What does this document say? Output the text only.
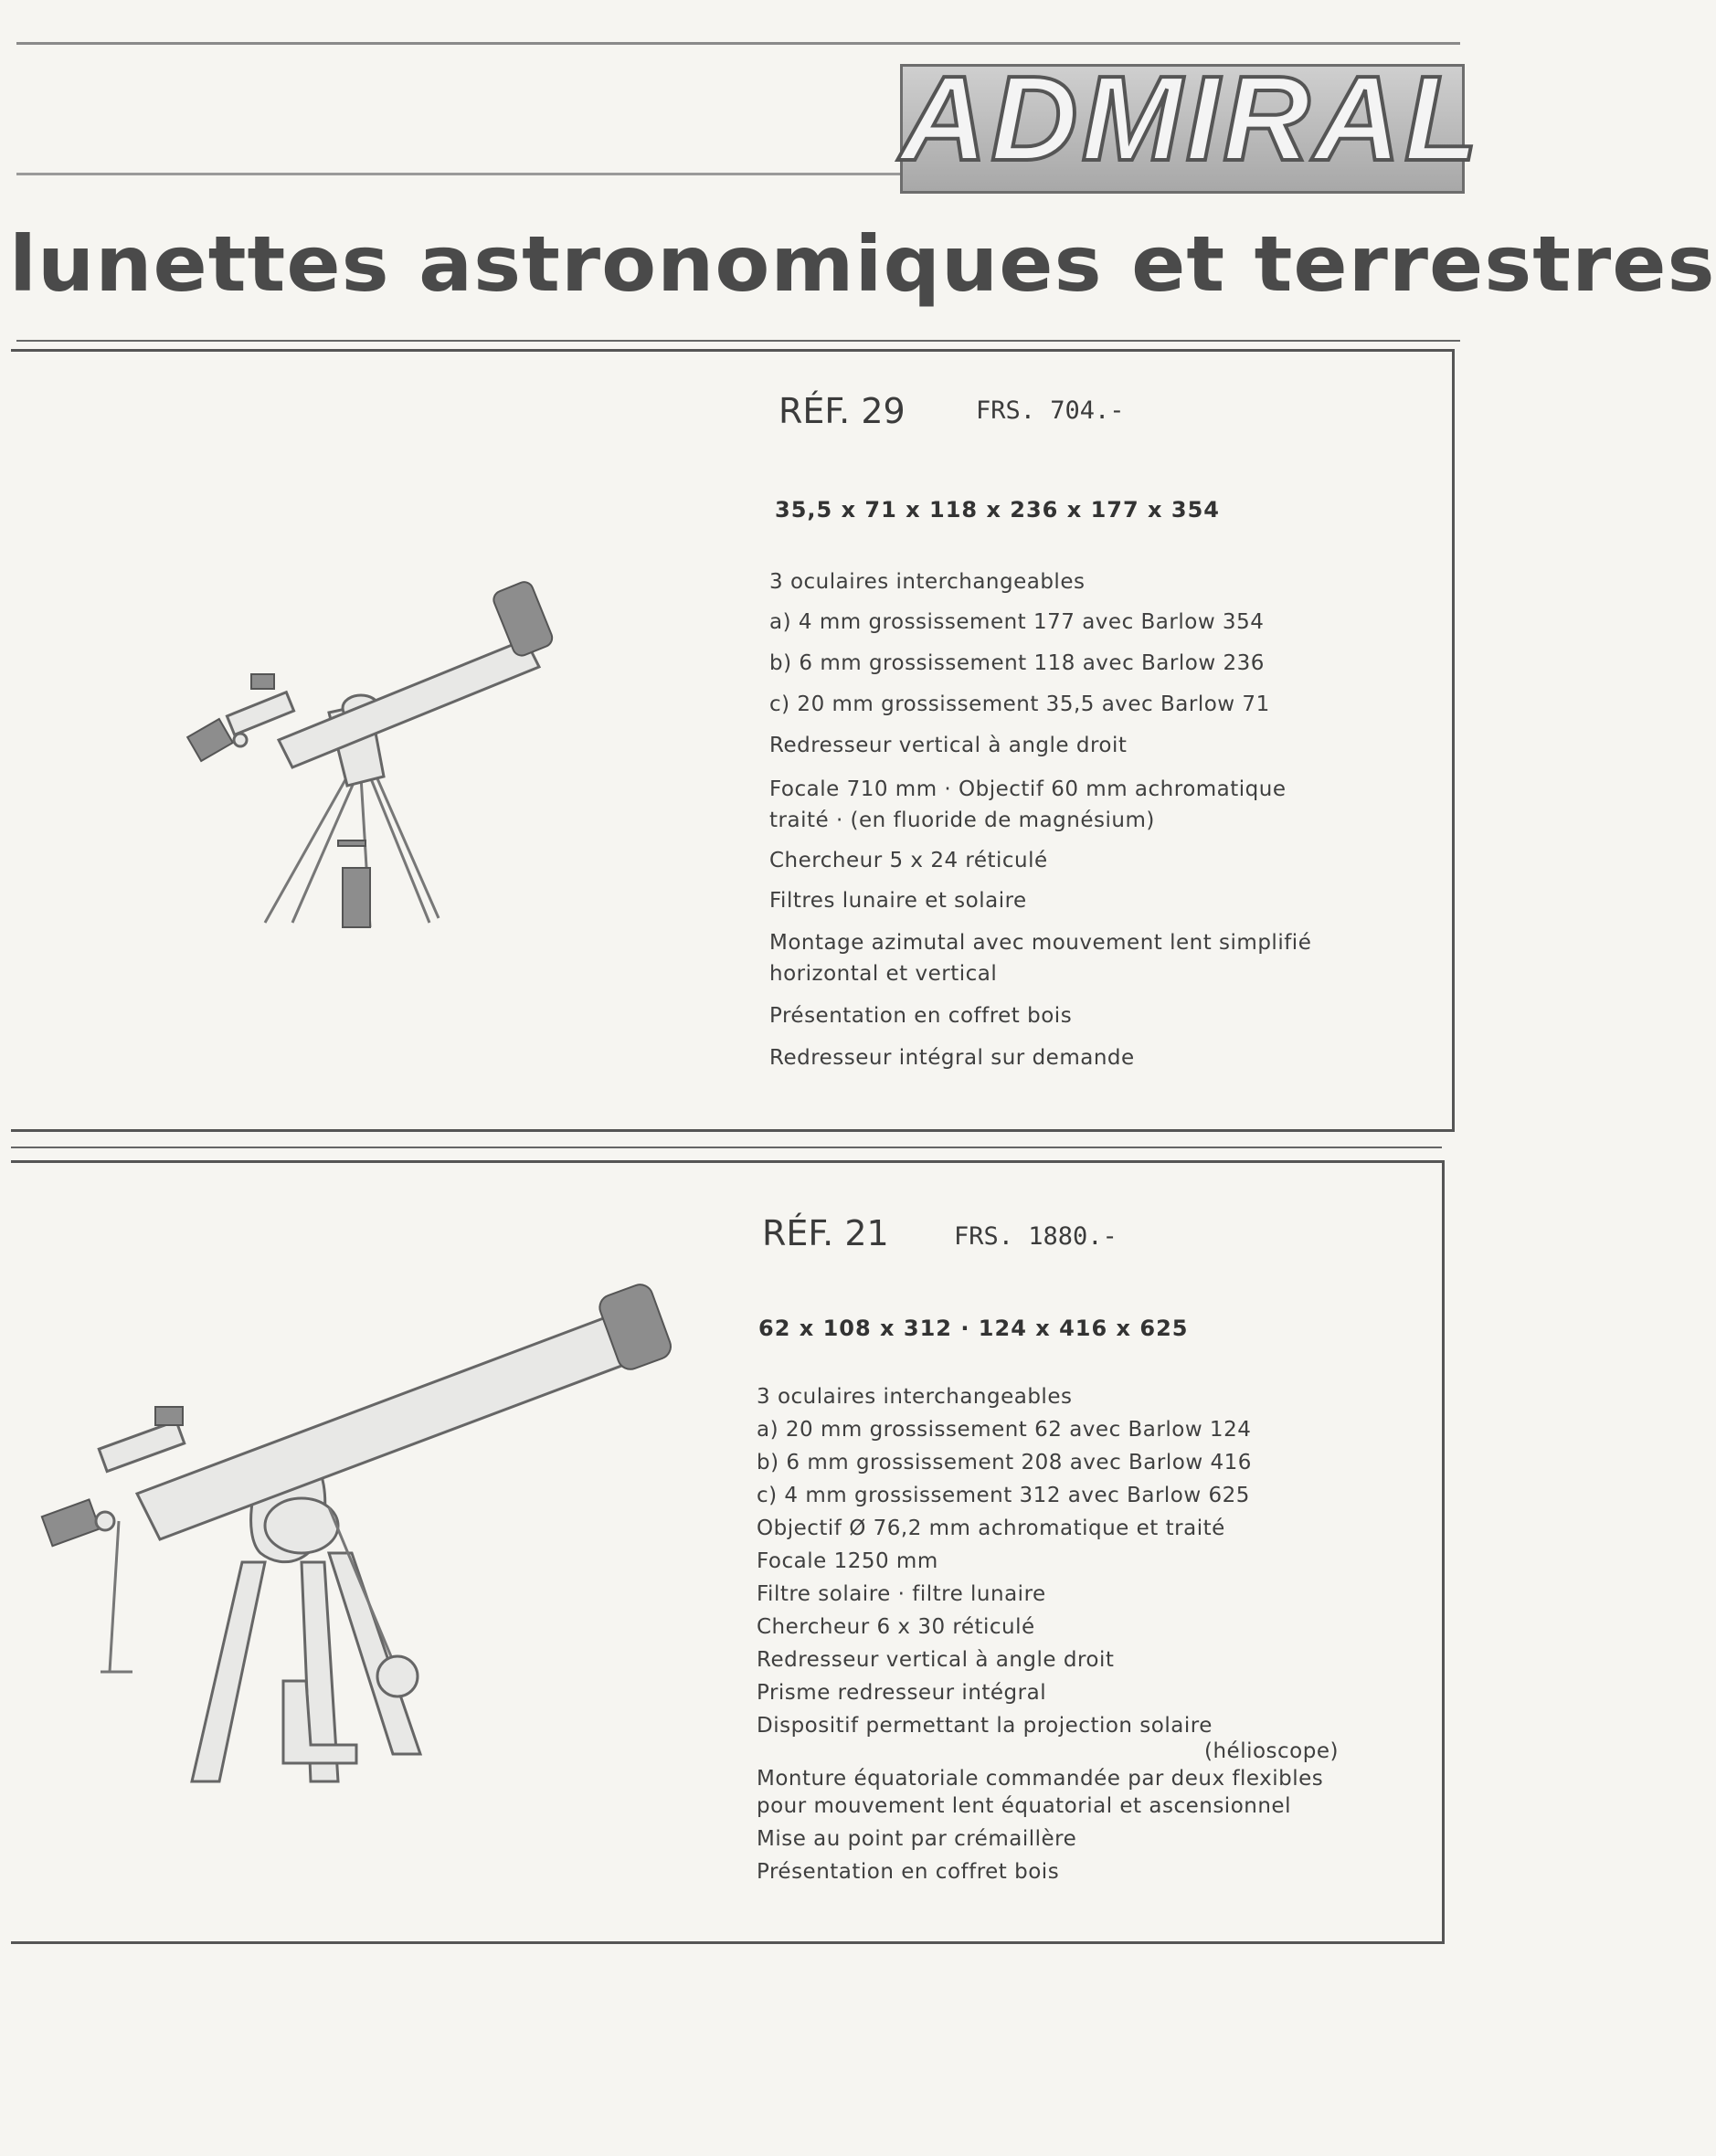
ADMIRAL
lunettes astronomiques et terrestres
RÉF. 29	FRS. 704.-
35,5 x 71 x 118 x 236 x 177 x 354
3 oculaires interchangeables
a) 4 mm grossissement 177 avec Barlow 354
b) 6 mm grossissement 118 avec Barlow 236
c) 20 mm grossissement 35,5 avec Barlow 71
Redresseur vertical à angle droit
Focale 710 mm · Objectif 60 mm achromatique
traité · (en fluoride de magnésium)
Chercheur 5 x 24 réticulé
Filtres lunaire et solaire
Montage azimutal avec mouvement lent simplifié
horizontal et vertical
Présentation en coffret bois
Redresseur intégral sur demande
RÉF. 21	FRS. 1880.-
62 x 108 x 312 · 124 x 416 x 625
3 oculaires interchangeables
a) 20 mm grossissement 62 avec Barlow 124
b) 6 mm grossissement 208 avec Barlow 416
c) 4 mm grossissement 312 avec Barlow 625
Objectif Ø 76,2 mm achromatique et traité
Focale 1250 mm
Filtre solaire · filtre lunaire
Chercheur 6 x 30 réticulé
Redresseur vertical à angle droit
Prisme redresseur intégral
Dispositif permettant la projection solaire
(hélioscope)
Monture équatoriale commandée par deux flexibles
pour mouvement lent équatorial et ascensionnel
Mise au point par crémaillère
Présentation en coffret bois
